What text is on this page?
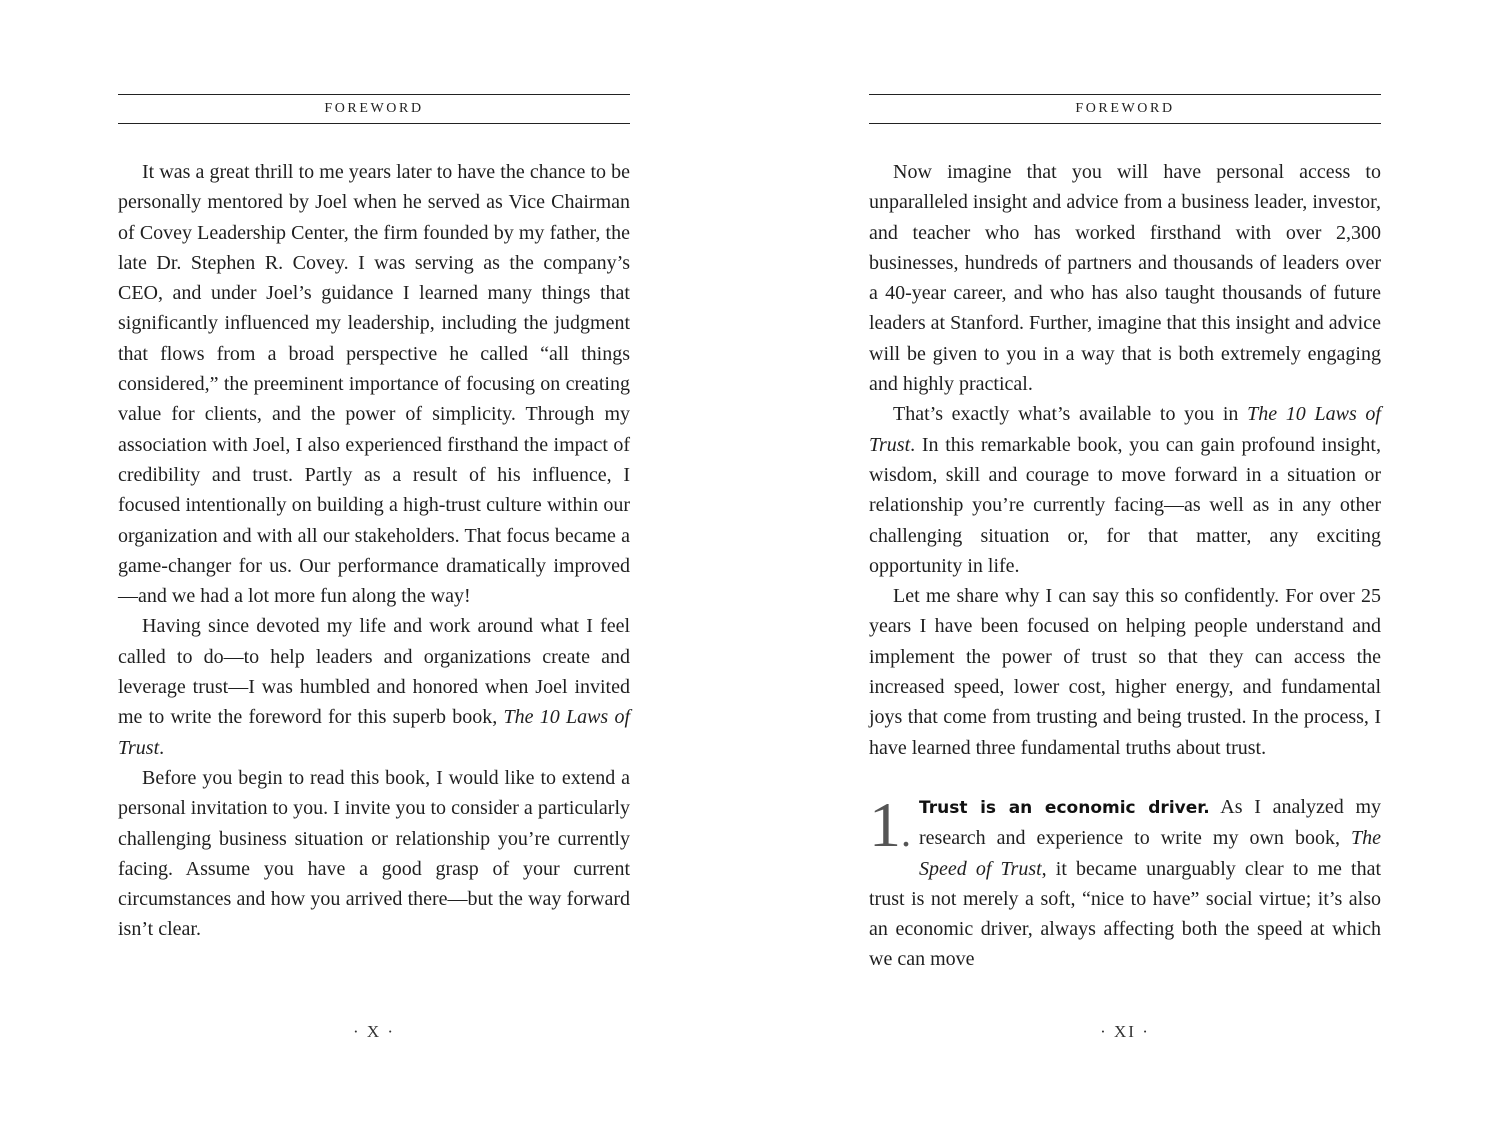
FOREWORD

It was a great thrill to me years later to have the chance to be personally mentored by Joel when he served as Vice Chairman of Covey Leadership Center, the firm founded by my father, the late Dr. Stephen R. Covey. I was serving as the company’s CEO, and under Joel’s guidance I learned many things that significantly influenced my leadership, including the judgment that flows from a broad perspective he called “all things considered,” the preeminent importance of focusing on creating value for clients, and the power of simplicity. Through my association with Joel, I also experienced firsthand the impact of credibility and trust. Partly as a result of his influence, I focused intentionally on building a high-trust culture within our organization and with all our stakeholders. That focus became a game-changer for us. Our performance dramatically improved—and we had a lot more fun along the way!

Having since devoted my life and work around what I feel called to do—to help leaders and organizations create and leverage trust—I was humbled and honored when Joel invited me to write the foreword for this superb book, The 10 Laws of Trust.

Before you begin to read this book, I would like to extend a personal invitation to you. I invite you to consider a particularly challenging business situation or relationship you’re currently facing. Assume you have a good grasp of your current circumstances and how you arrived there—but the way forward isn’t clear.

· X ·
FOREWORD

Now imagine that you will have personal access to unparalleled insight and advice from a business leader, investor, and teacher who has worked firsthand with over 2,300 businesses, hundreds of partners and thousands of leaders over a 40-year career, and who has also taught thousands of future leaders at Stanford. Further, imagine that this insight and advice will be given to you in a way that is both extremely engaging and highly practical.

That’s exactly what’s available to you in The 10 Laws of Trust. In this remarkable book, you can gain profound insight, wisdom, skill and courage to move forward in a situation or relationship you’re currently facing—as well as in any other challenging situation or, for that matter, any exciting opportunity in life.

Let me share why I can say this so confidently. For over 25 years I have been focused on helping people understand and implement the power of trust so that they can access the increased speed, lower cost, higher energy, and fundamental joys that come from trusting and being trusted. In the process, I have learned three fundamental truths about trust.

1.
Trust is an economic driver. As I analyzed my research and experience to write my own book, The Speed of Trust, it became unarguably clear to me that trust is not merely a soft, “nice to have” social virtue; it’s also an economic driver, always affecting both the speed at which we can move
· XI ·
